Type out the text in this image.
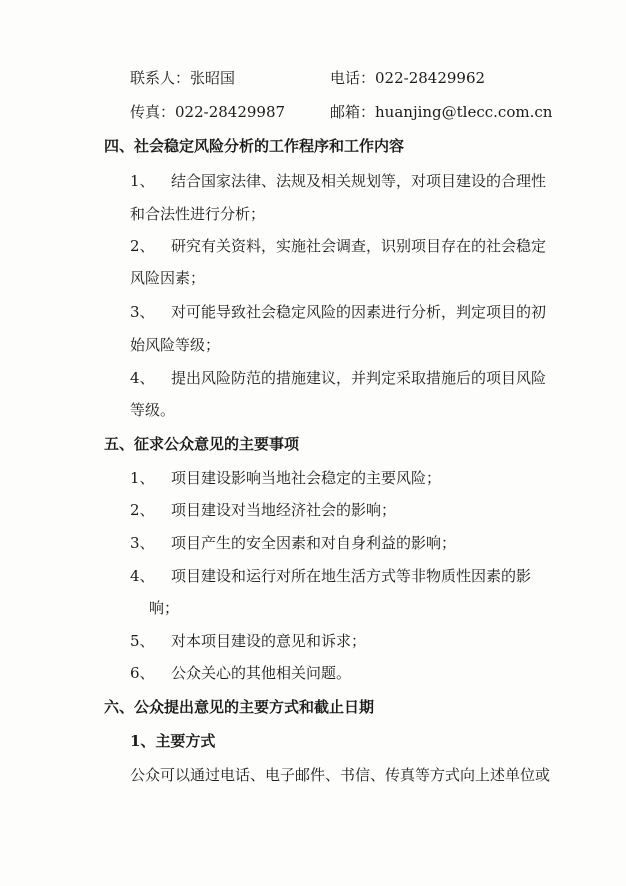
联系人：张昭国	电话：022-28429962
传真：022-28429987	邮箱：huanjing@tlecc.com.cn
四、社会稳定风险分析的工作程序和工作内容
1、 结合国家法律、法规及相关规划等，对项目建设的合理性
和合法性进行分析；
2、 研究有关资料，实施社会调查，识别项目存在的社会稳定
风险因素；
3、 对可能导致社会稳定风险的因素进行分析，判定项目的初
始风险等级；
4、 提出风险防范的措施建议，并判定采取措施后的项目风险
等级。
五、征求公众意见的主要事项
1、 项目建设影响当地社会稳定的主要风险；
2、 项目建设对当地经济社会的影响；
3、 项目产生的安全因素和对自身利益的影响；
4、 项目建设和运行对所在地生活方式等非物质性因素的影
响；
5、 对本项目建设的意见和诉求；
6、 公众关心的其他相关问题。
六、公众提出意见的主要方式和截止日期
1、主要方式
公众可以通过电话、电子邮件、书信、传真等方式向上述单位或
